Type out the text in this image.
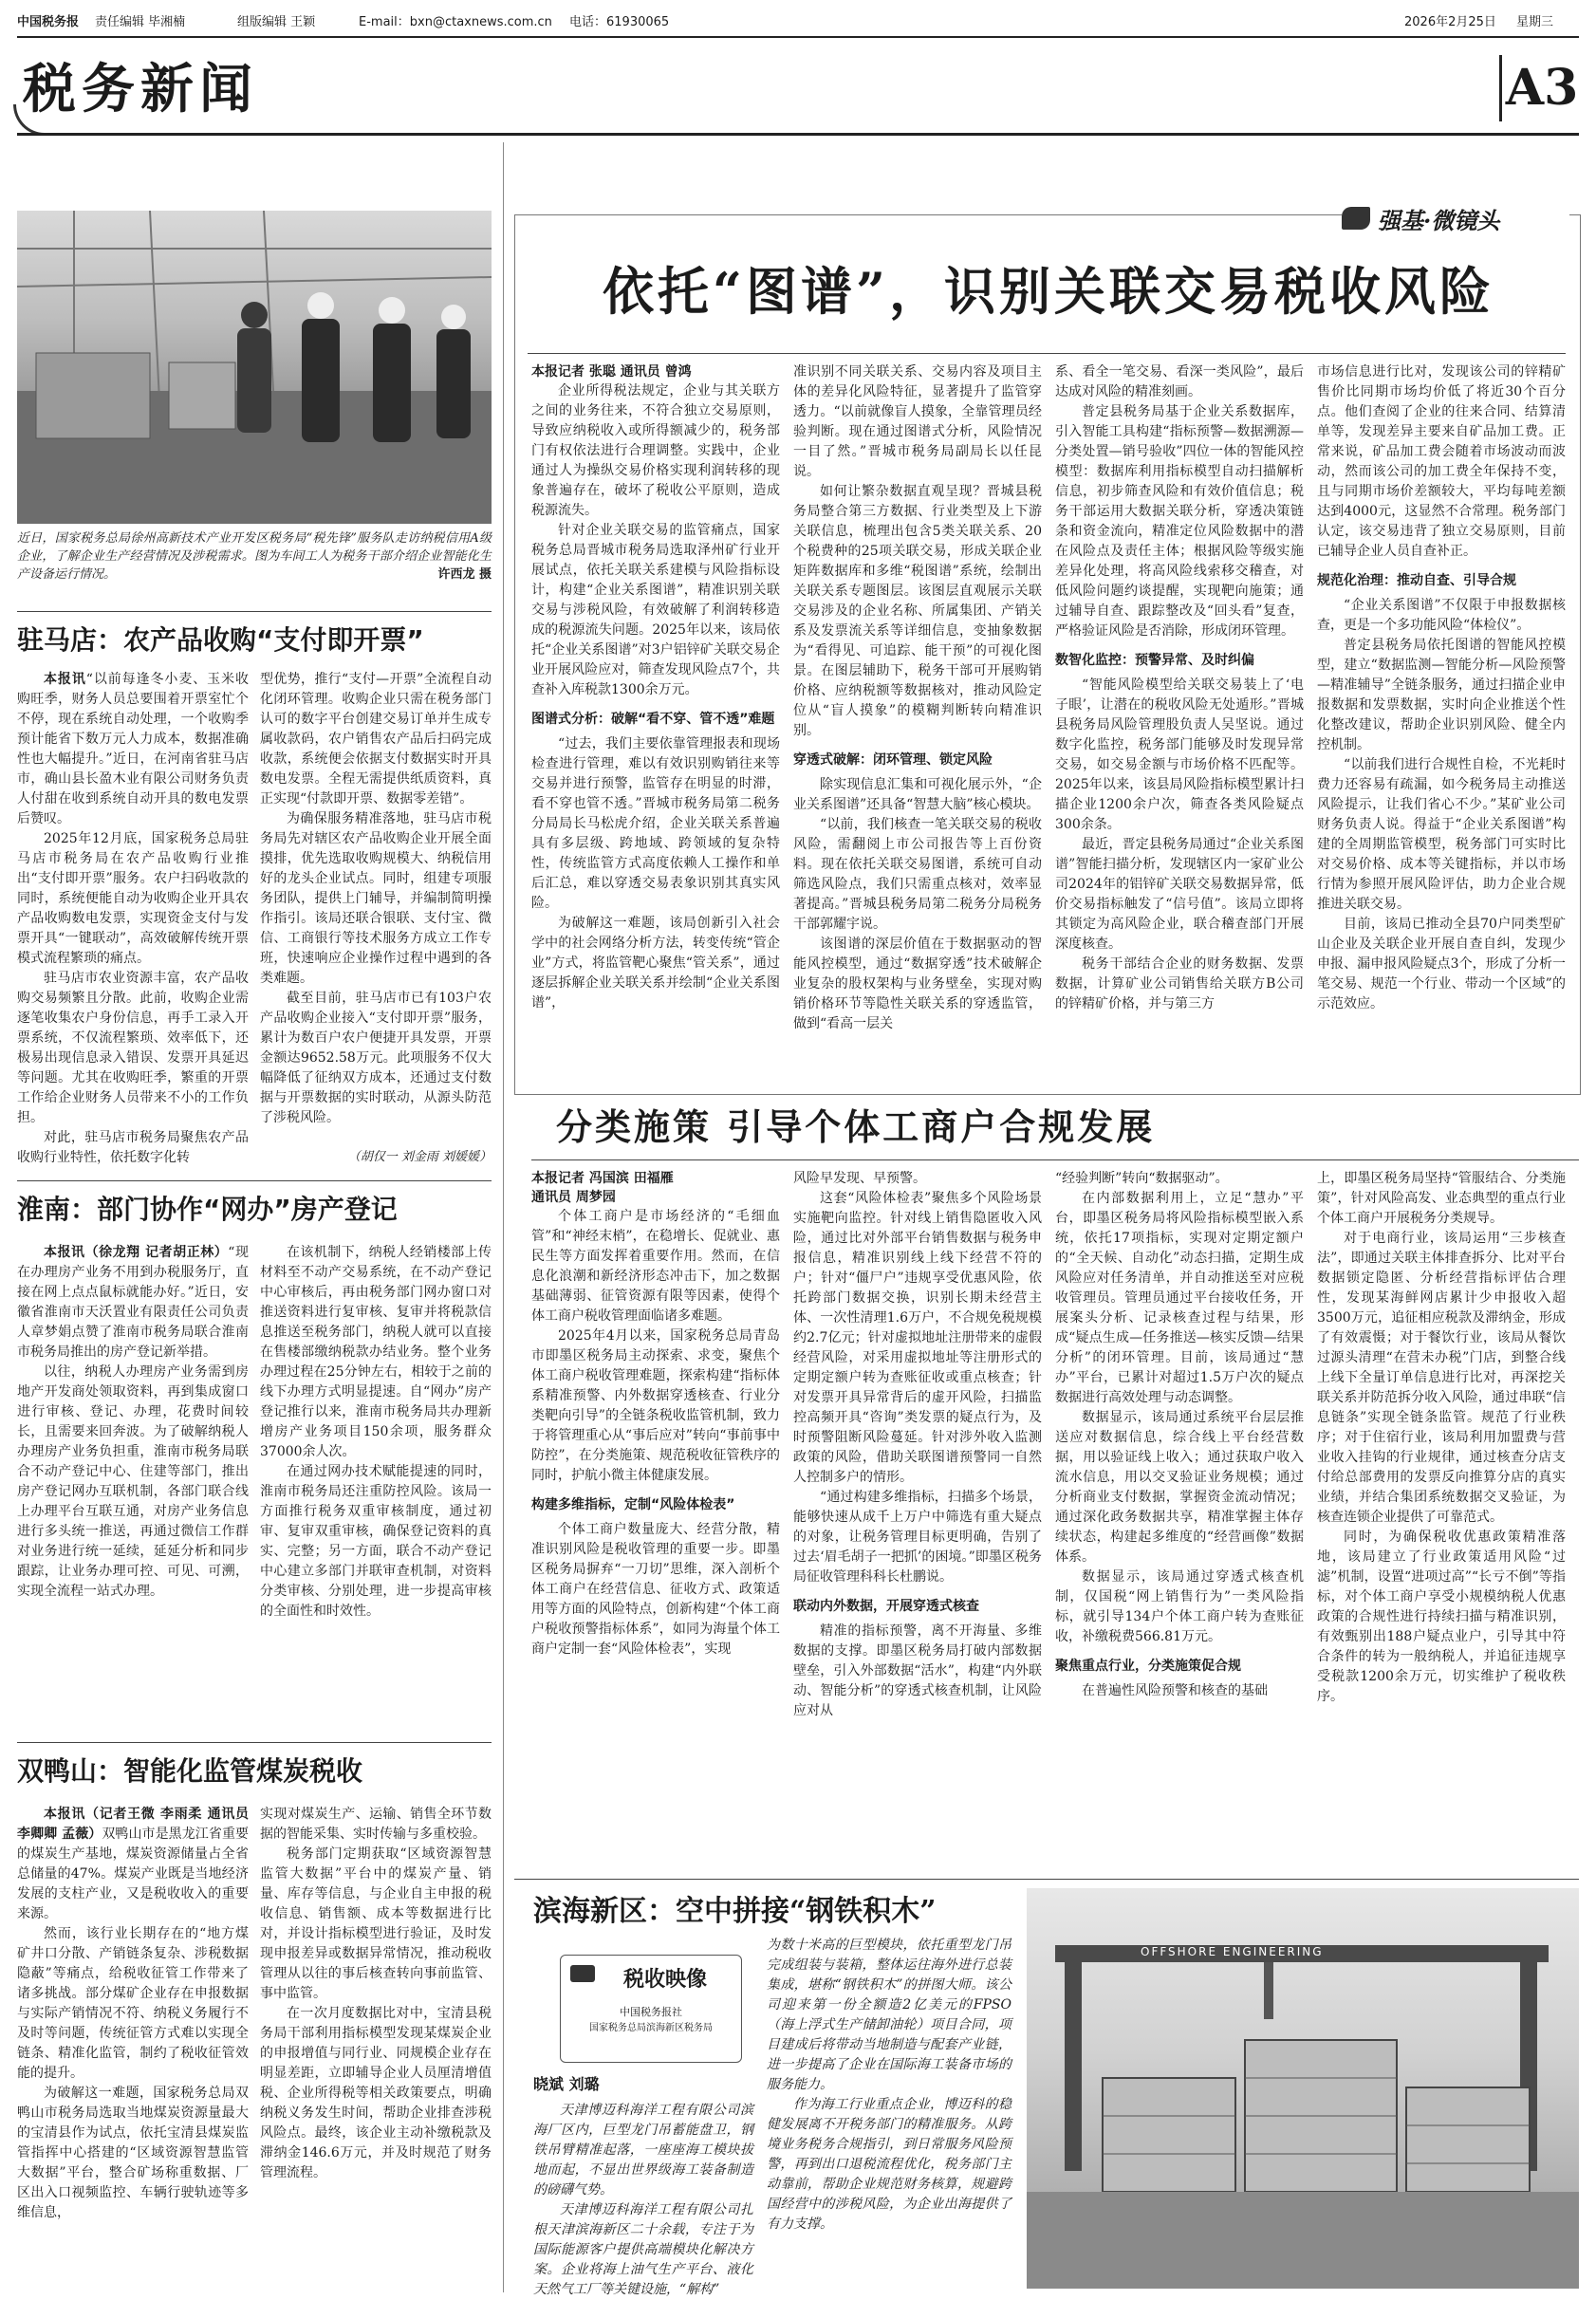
中国税务报 责任编辑 毕湘楠	组版编辑 王颖	E-mail：bxn@ctaxnews.com.cn 电话：61930065	2026年2月25日 星期三
税务新闻	A3
近日，国家税务总局徐州高新技术产业开发区税务局“税先锋”服务队走访纳税信用A级企业，了解企业生产经营情况及涉税需求。图为车间工人为税务干部介绍企业智能化生产设备运行情况。	许西龙 摄
驻马店：农产品收购“支付即开票”

本报讯“以前每逢冬小麦、玉米收购旺季，财务人员总要围着开票室忙个不停，现在系统自动处理，一个收购季预计能省下数万元人力成本，数据准确性也大幅提升。”近日，在河南省驻马店市，确山县长盈木业有限公司财务负责人付甜在收到系统自动开具的数电发票后赞叹。

2025年12月底，国家税务总局驻马店市税务局在农产品收购行业推出“支付即开票”服务。农户扫码收款的同时，系统便能自动为收购企业开具农产品收购数电发票，实现资金支付与发票开具“一键联动”，高效破解传统开票模式流程繁琐的痛点。

驻马店市农业资源丰富，农产品收购交易频繁且分散。此前，收购企业需逐笔收集农户身份信息，再手工录入开票系统，不仅流程繁琐、效率低下，还极易出现信息录入错误、发票开具延迟等问题。尤其在收购旺季，繁重的开票工作给企业财务人员带来不小的工作负担。

对此，驻马店市税务局聚焦农产品收购行业特性，依托数字化转

型优势，推行“支付—开票”全流程自动化闭环管理。收购企业只需在税务部门认可的数字平台创建交易订单并生成专属收款码，农户销售农产品后扫码完成收款，系统便会依据支付数据实时开具数电发票。全程无需提供纸质资料，真正实现“付款即开票、数据零差错”。

为确保服务精准落地，驻马店市税务局先对辖区农产品收购企业开展全面摸排，优先选取收购规模大、纳税信用好的龙头企业试点。同时，组建专项服务团队，提供上门辅导，并编制简明操作指引。该局还联合银联、支付宝、微信、工商银行等技术服务方成立工作专班，快速响应企业操作过程中遇到的各类难题。

截至目前，驻马店市已有103户农产品收购企业接入“支付即开票”服务，累计为数百户农户便捷开具发票，开票金额达9652.58万元。此项服务不仅大幅降低了征纳双方成本，还通过支付数据与开票数据的实时联动，从源头防范了涉税风险。

（胡仅一 刘金雨 刘媛媛）
淮南：部门协作“网办”房产登记

本报讯（徐龙翔 记者胡正林）“现在办理房产业务不用到办税服务厅，直接在网上点点鼠标就能办好。”近日，安徽省淮南市天沃置业有限责任公司负责人章梦娟点赞了淮南市税务局联合淮南市税务局推出的房产登记新举措。

以往，纳税人办理房产业务需到房地产开发商处领取资料，再到集成窗口进行审核、登记、办理，花费时间较长，且需要来回奔波。为了破解纳税人办理房产业务负担重，淮南市税务局联合不动产登记中心、住建等部门，推出房产登记网办互联机制，各部门联合线上办理平台互联互通，对房产业务信息进行多头统一推送，再通过微信工作群对业务进行统一延续，延延分析和同步跟踪，让业务办理可控、可见、可溯，实现全流程一站式办理。

在该机制下，纳税人经销楼部上传材料至不动产交易系统，在不动产登记中心审核后，再由税务部门网办窗口对推送资料进行复审核、复审并将税款信息推送至税务部门，纳税人就可以直接在售楼部缴纳税款办结业务。整个业务办理过程在25分钟左右，相较于之前的线下办理方式明显提速。自“网办”房产登记推行以来，淮南市税务局共办理新增房产业务项目150余项，服务群众37000余人次。

在通过网办技术赋能提速的同时，淮南市税务局还注重防控风险。该局一方面推行税务双重审核制度，通过初审、复审双重审核，确保登记资料的真实、完整；另一方面，联合不动产登记中心建立多部门并联审查机制，对资料分类审核、分别处理，进一步提高审核的全面性和时效性。

双鸭山：智能化监管煤炭税收

本报讯（记者王微 李雨柔 通讯员李卿卿 孟薇）双鸭山市是黑龙江省重要的煤炭生产基地，煤炭资源储量占全省总储量的47%。煤炭产业既是当地经济发展的支柱产业，又是税收收入的重要来源。

然而，该行业长期存在的“地方煤矿井口分散、产销链条复杂、涉税数据隐蔽”等痛点，给税收征管工作带来了诸多挑战。部分煤矿企业存在申报数据与实际产销情况不符、纳税义务履行不及时等问题，传统征管方式难以实现全链条、精准化监管，制约了税收征管效能的提升。

为破解这一难题，国家税务总局双鸭山市税务局选取当地煤炭资源量最大的宝清县作为试点，依托宝清县煤炭监管指挥中心搭建的“区域资源智慧监管大数据”平台，整合矿场称重数据、厂区出入口视频监控、车辆行驶轨迹等多维信息，

实现对煤炭生产、运输、销售全环节数据的智能采集、实时传输与多重校验。

税务部门定期获取“区域资源智慧监管大数据”平台中的煤炭产量、销量、库存等信息，与企业自主申报的税收信息、销售额、成本等数据进行比对，并设计指标模型进行验证，及时发现申报差异或数据异常情况，推动税收管理从以往的事后核查转向事前监管、事中监管。

在一次月度数据比对中，宝清县税务局干部利用指标模型发现某煤炭企业的申报增值与同行业、同规模企业存在明显差距，立即辅导企业人员厘清增值税、企业所得税等相关政策要点，明确纳税义务发生时间，帮助企业排查涉税风险点。最终，该企业主动补缴税款及滞纳金146.6万元，并及时规范了财务管理流程。

强基·微镜头
依托“图谱”，识别关联交易税收风险

本报记者 张聪 通讯员 曾鸿

企业所得税法规定，企业与其关联方之间的业务往来，不符合独立交易原则，导致应纳税收入或所得额减少的，税务部门有权依法进行合理调整。实践中，企业通过人为操纵交易价格实现利润转移的现象普遍存在，破坏了税收公平原则，造成税源流失。

针对企业关联交易的监管痛点，国家税务总局晋城市税务局选取泽州矿行业开展试点，依托关联关系建模与风险指标设计，构建“企业关系图谱”，精准识别关联交易与涉税风险，有效破解了利润转移造成的税源流失问题。2025年以来，该局依托“企业关系图谱”对3户铝锌矿关联交易企业开展风险应对，筛查发现风险点7个，共查补入库税款1300余万元。

图谱式分析：破解“看不穿、管不透”难题

“过去，我们主要依靠管理报表和现场检查进行管理，难以有效识别购销往来等交易并进行预警，监管存在明显的时滞，看不穿也管不透。”晋城市税务局第二税务分局局长马松虎介绍，企业关联关系普遍具有多层级、跨地域、跨领域的复杂特性，传统监管方式高度依赖人工操作和单后汇总，难以穿透交易表象识别其真实风险。

为破解这一难题，该局创新引入社会学中的社会网络分析方法，转变传统“管企业”方式，将监管靶心聚焦“管关系”，通过逐层拆解企业关联关系并绘制“企业关系图谱”，

准识别不同关联关系、交易内容及项目主体的差异化风险特征，显著提升了监管穿透力。“以前就像盲人摸象，全靠管理员经验判断。现在通过图谱式分析，风险情况一目了然。”晋城市税务局副局长以任昆说。

如何让繁杂数据直观呈现？晋城县税务局整合第三方数据、行业类型及上下游关联信息，梳理出包含5类关联关系、20个税费种的25项关联交易，形成关联企业矩阵数据库和多维“税图谱”系统，绘制出关联关系专题图层。该图层直观展示关联交易涉及的企业名称、所属集团、产销关系及发票流关系等详细信息，变抽象数据为“看得见、可追踪、能干预”的可视化图景。在图层辅助下，税务干部可开展购销价格、应纳税额等数据核对，推动风险定位从“盲人摸象”的模糊判断转向精准识别。

穿透式破解：闭环管理、锁定风险

除实现信息汇集和可视化展示外，“企业关系图谱”还具备“智慧大脑”核心模块。

“以前，我们核查一笔关联交易的税收风险，需翻阅上市公司报告等上百份资料。现在依托关联交易图谱，系统可自动筛选风险点，我们只需重点核对，效率显著提高。”晋城县税务局第二税务分局税务干部郭耀宇说。

该图谱的深层价值在于数据驱动的智能风控模型，通过“数据穿透”技术破解企业复杂的股权架构与业务壁垒，实现对购销价格环节等隐性关联关系的穿透监管，做到“看高一层关

系、看全一笔交易、看深一类风险”，最后达成对风险的精准刻画。

普定县税务局基于企业关系数据库，引入智能工具构建“指标预警—数据溯源—分类处置—销号验收”四位一体的智能风控模型：数据库利用指标模型自动扫描解析信息，初步筛查风险和有效价值信息；税务干部运用大数据关联分析，穿透决策链条和资金流向，精准定位风险数据中的潜在风险点及责任主体；根据风险等级实施差异化处理，将高风险线索移交稽查，对低风险问题约谈提醒，实现靶向施策；通过辅导自查、跟踪整改及“回头看”复查，严格验证风险是否消除，形成闭环管理。

数智化监控：预警异常、及时纠偏

“智能风险模型给关联交易装上了‘电子眼’，让潜在的税收风险无处遁形。”晋城县税务局风险管理股负责人吴坚说。通过数字化监控，税务部门能够及时发现异常交易，如交易金额与市场价格不匹配等。2025年以来，该县局风险指标模型累计扫描企业1200余户次，筛查各类风险疑点300余条。

最近，晋定县税务局通过“企业关系图谱”智能扫描分析，发现辖区内一家矿业公司2024年的铝锌矿关联交易数据异常，低价交易指标触发了“信号值”。该局立即将其锁定为高风险企业，联合稽查部门开展深度核查。

税务干部结合企业的财务数据、发票数据，计算矿业公司销售给关联方B公司的锌精矿价格，并与第三方

市场信息进行比对，发现该公司的锌精矿售价比同期市场均价低了将近30个百分点。他们查阅了企业的往来合同、结算清单等，发现差异主要来自矿品加工费。正常来说，矿品加工费会随着市场波动而波动，然而该公司的加工费全年保持不变，且与同期市场价差额较大，平均每吨差额达到4000元，这显然不合常理。税务部门认定，该交易违背了独立交易原则，目前已辅导企业人员自查补正。

规范化治理：推动自查、引导合规

“企业关系图谱”不仅限于申报数据核查，更是一个多功能风险“体检仪”。

普定县税务局依托图谱的智能风控模型，建立“数据监测—智能分析—风险预警—精准辅导”全链条服务，通过扫描企业申报数据和发票数据，实时向企业推送个性化整改建议，帮助企业识别风险、健全内控机制。

“以前我们进行合规性自检，不光耗时费力还容易有疏漏，如今税务局主动推送风险提示，让我们省心不少。”某矿业公司财务负责人说。得益于“企业关系图谱”构建的全周期监管模型，税务部门可实时比对交易价格、成本等关键指标，并以市场行情为参照开展风险评估，助力企业合规推进关联交易。

目前，该局已推动全县70户同类型矿山企业及关联企业开展自查自纠，发现少申报、漏申报风险疑点3个，形成了分析一笔交易、规范一个行业、带动一个区域”的示范效应。

分类施策 引导个体工商户合规发展

本报记者 冯国滨 田福雁

通讯员 周梦园

个体工商户是市场经济的“毛细血管”和“神经末梢”，在稳增长、促就业、惠民生等方面发挥着重要作用。然而，在信息化浪潮和新经济形态冲击下，加之数据基础薄弱、征管资源有限等因素，使得个体工商户税收管理面临诸多难题。

2025年4月以来，国家税务总局青岛市即墨区税务局主动探索、求变，聚焦个体工商户税收管理难题，探索构建“指标体系精准预警、内外数据穿透核查、行业分类靶向引导”的全链条税收监管机制，致力于将管理重心从“事后应对”转向“事前事中防控”，在分类施策、规范税收征管秩序的同时，护航小微主体健康发展。

构建多维指标，定制“风险体检表”

个体工商户数量庞大、经营分散，精准识别风险是税收管理的重要一步。即墨区税务局摒弃“一刀切”思维，深入剖析个体工商户在经营信息、征收方式、政策适用等方面的风险特点，创新构建“个体工商户税收预警指标体系”，如同为海量个体工商户定制一套“风险体检表”，实现

风险早发现、早预警。

这套“风险体检表”聚焦多个风险场景实施靶向监控。针对线上销售隐匿收入风险，通过比对外部平台销售数据与税务申报信息，精准识别线上线下经营不符的户；针对“僵尸户”违规享受优惠风险，依托跨部门数据交换，识别长期未经营主体、一次性清理1.6万户，不合规免税规模约2.7亿元；针对虚拟地址注册带来的虚假经营风险，对采用虚拟地址等注册形式的定期定额户转为查账征收或重点核查；针对发票开具异常背后的虚开风险，扫描监控高频开具“咨询”类发票的疑点行为，及时预警阻断风险蔓延。针对涉外收入监测政策的风险，借助关联图谱预警同一自然人控制多户的情形。

“通过构建多维指标，扫描多个场景，能够快速从成千上万户中筛选有重大疑点的对象，让税务管理目标更明确，告别了过去‘眉毛胡子一把抓’的困境。”即墨区税务局征收管理科科长杜鹏说。

联动内外数据，开展穿透式核查

精准的指标预警，离不开海量、多维数据的支撑。即墨区税务局打破内部数据壁垒，引入外部数据“活水”，构建“内外联动、智能分析”的穿透式核查机制，让风险应对从

“经验判断”转向“数据驱动”。

在内部数据利用上，立足“慧办”平台，即墨区税务局将风险指标模型嵌入系统，依托17项指标，实现对定期定额户的“全天候、自动化”动态扫描，定期生成风险应对任务清单，并自动推送至对应税收管理员。管理员通过平台接收任务，开展案头分析、记录核查过程与结果，形成“疑点生成—任务推送—核实反馈—结果分析”的闭环管理。目前，该局通过“慧办”平台，已累计对超过1.5万户次的疑点数据进行高效处理与动态调整。

数据显示，该局通过系统平台层层推送应对数据信息，综合线上平台经营数据，用以验证线上收入；通过获取户收入流水信息，用以交叉验证业务规模；通过分析商业支付数据，掌握资金流动情况；通过深化政务数据共享，精准掌握主体存续状态，构建起多维度的“经营画像”数据体系。

数据显示，该局通过穿透式核查机制，仅国税“网上销售行为”一类风险指标，就引导134户个体工商户转为查账征收，补缴税费566.81万元。

聚焦重点行业，分类施策促合规

在普遍性风险预警和核查的基础

上，即墨区税务局坚持“管服结合、分类施策”，针对风险高发、业态典型的重点行业个体工商户开展税务分类规导。

对于电商行业，该局运用“三步核查法”，即通过关联主体排查拆分、比对平台数据锁定隐匿、分析经营指标评估合理性，发现某海鲜网店累计少申报收入超3500万元，追征相应税款及滞纳金，形成了有效震慑；对于餐饮行业，该局从餐饮过源头清理“在营未办税”门店，到整合线上线下全量订单信息进行比对，再深挖关联关系并防范拆分收入风险，通过串联“信息链条”实现全链条监管。规范了行业秩序；对于住宿行业，该局利用加盟费与营业收入挂钩的行业规律，通过核查分店支付给总部费用的发票反向推算分店的真实业绩，并结合集团系统数据交叉验证，为核查连锁企业提供了可靠范式。

同时，为确保税收优惠政策精准落地，该局建立了行业政策适用风险“过滤”机制，设置“进项过高”“长亏不倒”等指标，对个体工商户享受小规模纳税人优惠政策的合规性进行持续扫描与精准识别，有效甄别出188户疑点业户，引导其中符合条件的转为一般纳税人，并追征违规享受税款1200余万元，切实维护了税收秩序。

滨海新区：空中拼接“钢铁积木”
税收映像
中国税务报社
国家税务总局滨海新区税务局
晓斌 刘璐

天津博迈科海洋工程有限公司滨海厂区内，巨型龙门吊蓄能盘卫，钢铁吊臂精准起落，一座座海工模块拔地而起，不显出世界级海工装备制造的磅礴气势。

天津博迈科海洋工程有限公司扎根天津滨海新区二十余载，专注于为国际能源客户提供高端模块化解决方案。企业将海上油气生产平台、液化天然气工厂等关键设施，“解构”

为数十米高的巨型模块，依托重型龙门吊完成组装与装箱，整体运往海外进行总装集成，堪称“钢铁积木”的拼图大师。该公司迎来第一份全额造2亿美元的FPSO（海上浮式生产储卸油轮）项目合同，项目建成后将带动当地制造与配套产业链，进一步提高了企业在国际海工装备市场的服务能力。

作为海工行业重点企业，博迈科的稳健发展离不开税务部门的精准服务。从跨境业务税务合规指引，到日常服务风险预警，再到出口退税流程优化，税务部门主动靠前，帮助企业规范财务核算，规避跨国经营中的涉税风险，为企业出海提供了有力支撑。

OFFSHORE ENGINEERING
